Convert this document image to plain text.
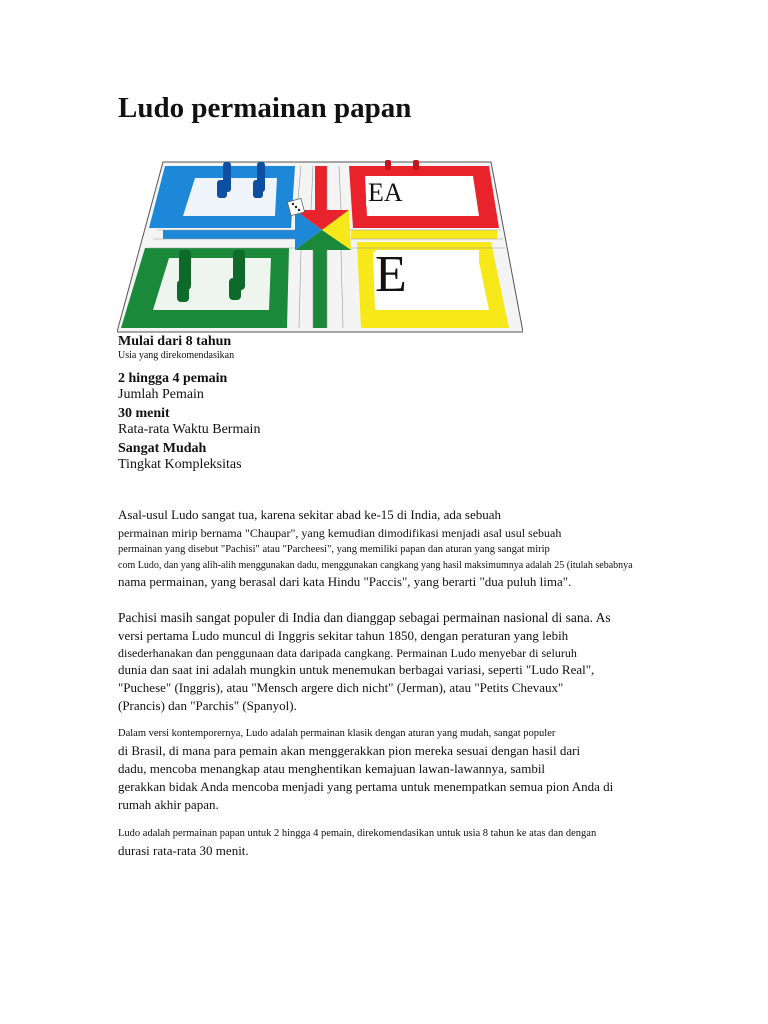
Ludo permainan papan
EA
E
Mulai dari 8 tahun
Usia yang direkomendasikan
2 hingga 4 pemain
Jumlah Pemain
30 menit
Rata-rata Waktu Bermain
Sangat Mudah
Tingkat Kompleksitas
Asal-usul Ludo sangat tua, karena sekitar abad ke-15 di India, ada sebuah
permainan mirip bernama "Chaupar", yang kemudian dimodifikasi menjadi asal usul sebuah
permainan yang disebut "Pachisi" atau "Parcheesi", yang memiliki papan dan aturan yang sangat mirip
com Ludo, dan yang alih-alih menggunakan dadu, menggunakan cangkang yang hasil maksimumnya adalah 25 (itulah sebabnya
nama permainan, yang berasal dari kata Hindu "Paccis", yang berarti "dua puluh lima".
Pachisi masih sangat populer di India dan dianggap sebagai permainan nasional di sana. As
versi pertama Ludo muncul di Inggris sekitar tahun 1850, dengan peraturan yang lebih
disederhanakan dan penggunaan data daripada cangkang. Permainan Ludo menyebar di seluruh
dunia dan saat ini adalah mungkin untuk menemukan berbagai variasi, seperti "Ludo Real",
"Puchese" (Inggris), atau "Mensch argere dich nicht" (Jerman), atau "Petits Chevaux"
(Prancis) dan "Parchis" (Spanyol).
Dalam versi kontemporernya, Ludo adalah permainan klasik dengan aturan yang mudah, sangat populer
di Brasil, di mana para pemain akan menggerakkan pion mereka sesuai dengan hasil dari
dadu, mencoba menangkap atau menghentikan kemajuan lawan-lawannya, sambil
gerakkan bidak Anda mencoba menjadi yang pertama untuk menempatkan semua pion Anda di
rumah akhir papan.
Ludo adalah permainan papan untuk 2 hingga 4 pemain, direkomendasikan untuk usia 8 tahun ke atas dan dengan
durasi rata-rata 30 menit.
